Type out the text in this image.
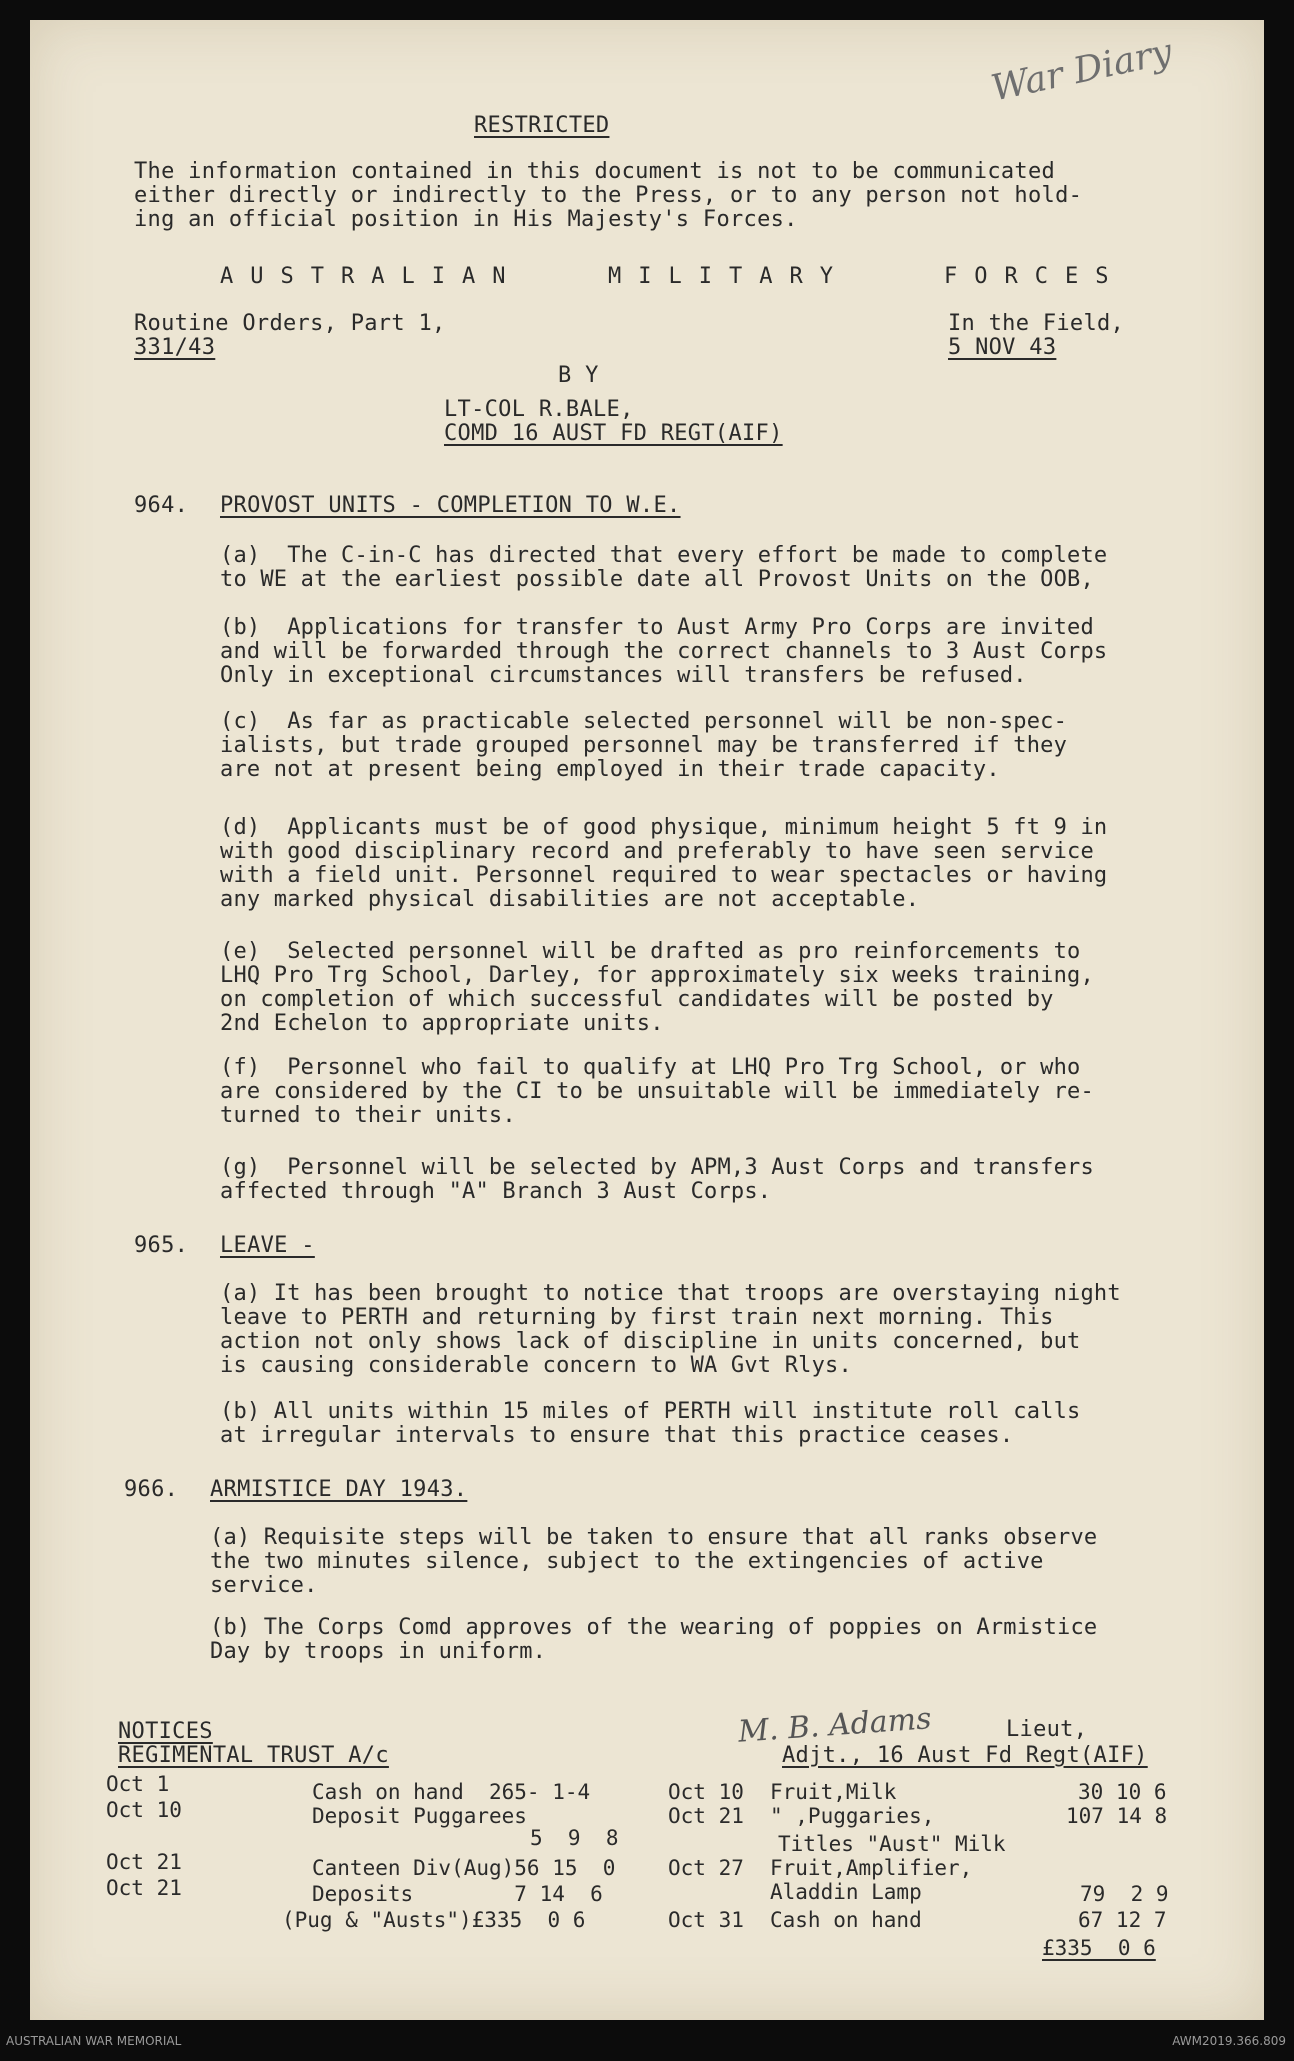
War Diary
RESTRICTED
The information contained in this document is not to be communicated
either directly or indirectly to the Press, or to any person not hold-
ing an official position in His Majesty's Forces.
AUSTRALIAN	MILITARY	FORCES
Routine Orders, Part 1,
331/43
In the Field,
5 NOV 43
B Y
LT-COL R.BALE,
COMD 16 AUST FD REGT(AIF)
964. PROVOST UNITS - COMPLETION TO W.E.
(a)  The C-in-C has directed that every effort be made to complete
to WE at the earliest possible date all Provost Units on the OOB,
(b)  Applications for transfer to Aust Army Pro Corps are invited
and will be forwarded through the correct channels to 3 Aust Corps
Only in exceptional circumstances will transfers be refused.
(c)  As far as practicable selected personnel will be non-spec-
ialists, but trade grouped personnel may be transferred if they
are not at present being employed in their trade capacity.
(d)  Applicants must be of good physique, minimum height 5 ft 9 in
with good disciplinary record and preferably to have seen service
with a field unit. Personnel required to wear spectacles or having
any marked physical disabilities are not acceptable.
(e)  Selected personnel will be drafted as pro reinforcements to
LHQ Pro Trg School, Darley, for approximately six weeks training,
on completion of which successful candidates will be posted by
2nd Echelon to appropriate units.
(f)  Personnel who fail to qualify at LHQ Pro Trg School, or who
are considered by the CI to be unsuitable will be immediately re-
turned to their units.
(g)  Personnel will be selected by APM,3 Aust Corps and transfers
affected through "A" Branch 3 Aust Corps.
965. LEAVE -
(a) It has been brought to notice that troops are overstaying night
leave to PERTH and returning by first train next morning. This
action not only shows lack of discipline in units concerned, but
is causing considerable concern to WA Gvt Rlys.
(b) All units within 15 miles of PERTH will institute roll calls
at irregular intervals to ensure that this practice ceases.
966. ARMISTICE DAY 1943.
(a) Requisite steps will be taken to ensure that all ranks observe
the two minutes silence, subject to the extingencies of active
service.
(b) The Corps Comd approves of the wearing of poppies on Armistice
Day by troops in uniform.
NOTICES
REGIMENTAL TRUST A/c
M. B. Adams	Lieut,
Adjt., 16 Aust Fd Regt(AIF)
Oct 1	Cash on hand  265- 1-4
Oct 10	Deposit Puggarees
5  9  8
Oct 21	Canteen Div(Aug)56 15  0
Oct 21	Deposits        7 14  6
(Pug & "Austs")£335  0 6
Oct 10 Fruit,Milk	30 10 6
Oct 21 " ,Puggaries,	107 14 8
Titles "Aust" Milk
Oct 27 Fruit,Amplifier,
Aladdin Lamp	79  2 9
Oct 31 Cash on hand	67 12 7
£335  0 6
AUSTRALIAN WAR MEMORIAL	AWM2019.366.809
